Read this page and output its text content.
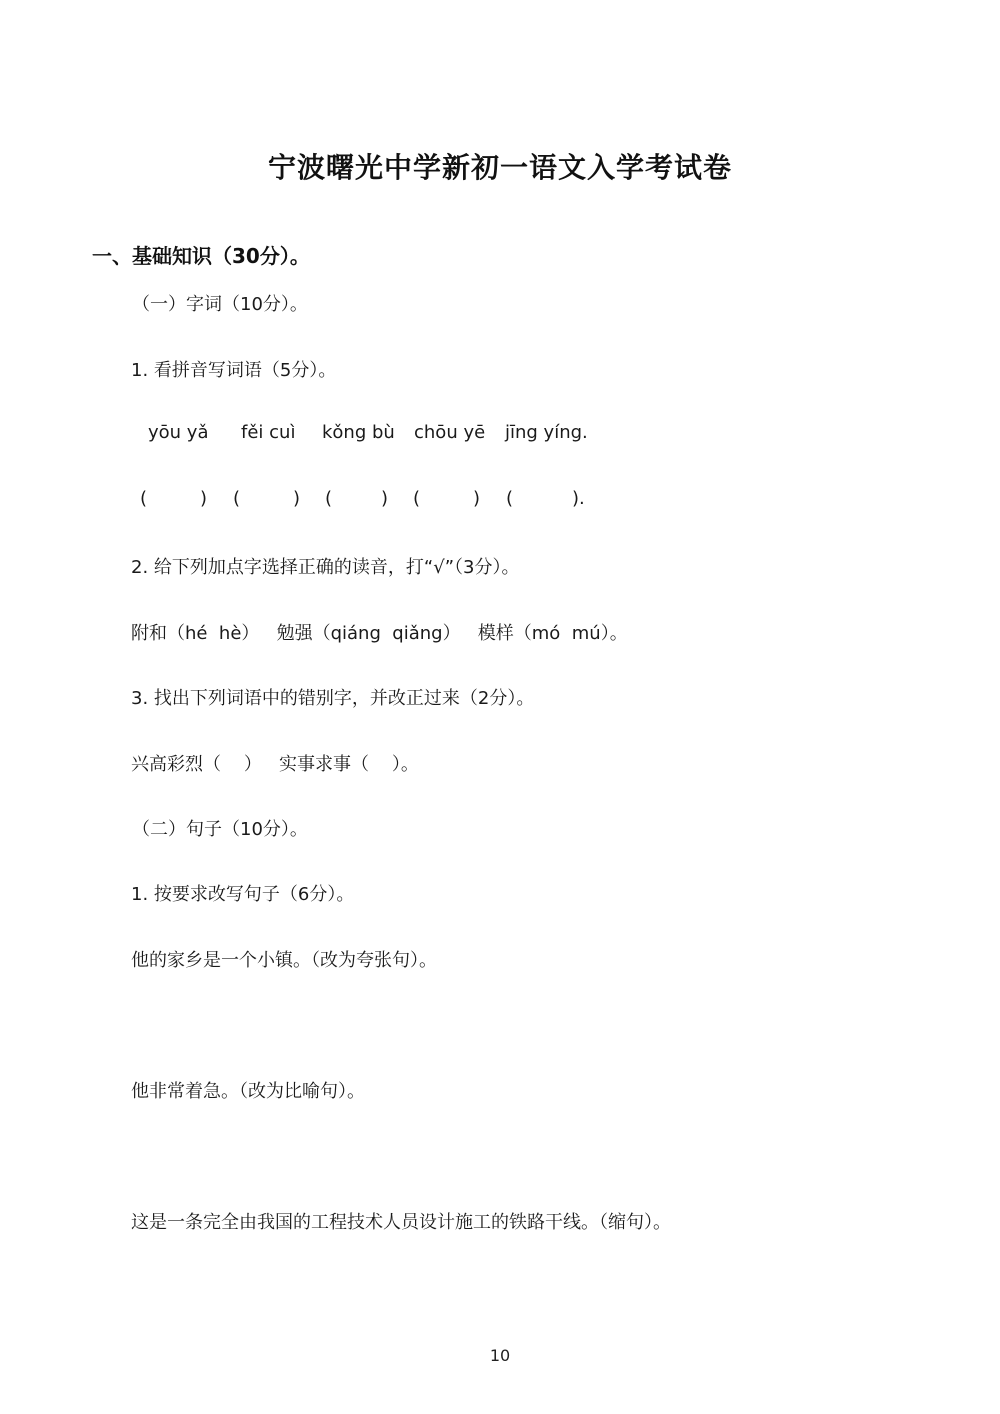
宁波曙光中学新初一语文入学考试卷
一、基础知识（30分）。
（一）字词（10分）。
1. 看拼音写词语（5分）。
yōu yǎ fěi cuì kǒng bù chōu yē jīng yíng.
(	) (	) (	) (	) (	).
2. 给下列加点字选择正确的读音，打“√”（3分）。
附和（hé  hè）   勉强（qiáng  qiǎng）   模样（mó  mú）。
3. 找出下列词语中的错别字，并改正过来（2分）。
兴高彩烈（    ）   实事求事（    ）。
（二）句子（10分）。
1. 按要求改写句子（6分）。
他的家乡是一个小镇。（改为夸张句）。
他非常着急。（改为比喻句）。
这是一条完全由我国的工程技术人员设计施工的铁路干线。（缩句）。
10
